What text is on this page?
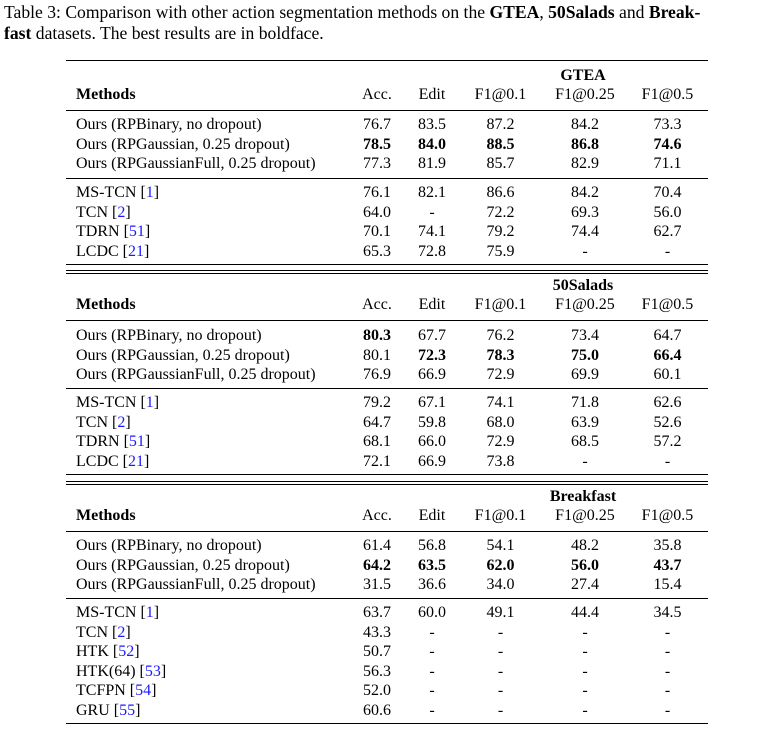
Table 3: Comparison with other action segmentation methods on the GTEA, 50Salads and Break-
fast datasets. The best results are in boldface.
GTEA
Methods	Acc.	Edit	F1@0.1	F1@0.25	F1@0.5
Ours (RPBinary, no dropout)	76.7	83.5	87.2	84.2	73.3
Ours (RPGaussian, 0.25 dropout)	78.5	84.0	88.5	86.8	74.6
Ours (RPGaussianFull, 0.25 dropout)	77.3	81.9	85.7	82.9	71.1
MS-TCN [1]	76.1	82.1	86.6	84.2	70.4
TCN [2]	64.0	-	72.2	69.3	56.0
TDRN [51]	70.1	74.1	79.2	74.4	62.7
LCDC [21]	65.3	72.8	75.9	-	-
50Salads
Methods	Acc.	Edit	F1@0.1	F1@0.25	F1@0.5
Ours (RPBinary, no dropout)	80.3	67.7	76.2	73.4	64.7
Ours (RPGaussian, 0.25 dropout)	80.1	72.3	78.3	75.0	66.4
Ours (RPGaussianFull, 0.25 dropout)	76.9	66.9	72.9	69.9	60.1
MS-TCN [1]	79.2	67.1	74.1	71.8	62.6
TCN [2]	64.7	59.8	68.0	63.9	52.6
TDRN [51]	68.1	66.0	72.9	68.5	57.2
LCDC [21]	72.1	66.9	73.8	-	-
Breakfast
Methods	Acc.	Edit	F1@0.1	F1@0.25	F1@0.5
Ours (RPBinary, no dropout)	61.4	56.8	54.1	48.2	35.8
Ours (RPGaussian, 0.25 dropout)	64.2	63.5	62.0	56.0	43.7
Ours (RPGaussianFull, 0.25 dropout)	31.5	36.6	34.0	27.4	15.4
MS-TCN [1]	63.7	60.0	49.1	44.4	34.5
TCN [2]	43.3	-	-	-	-
HTK [52]	50.7	-	-	-	-
HTK(64) [53]	56.3	-	-	-	-
TCFPN [54]	52.0	-	-	-	-
GRU [55]	60.6	-	-	-	-
